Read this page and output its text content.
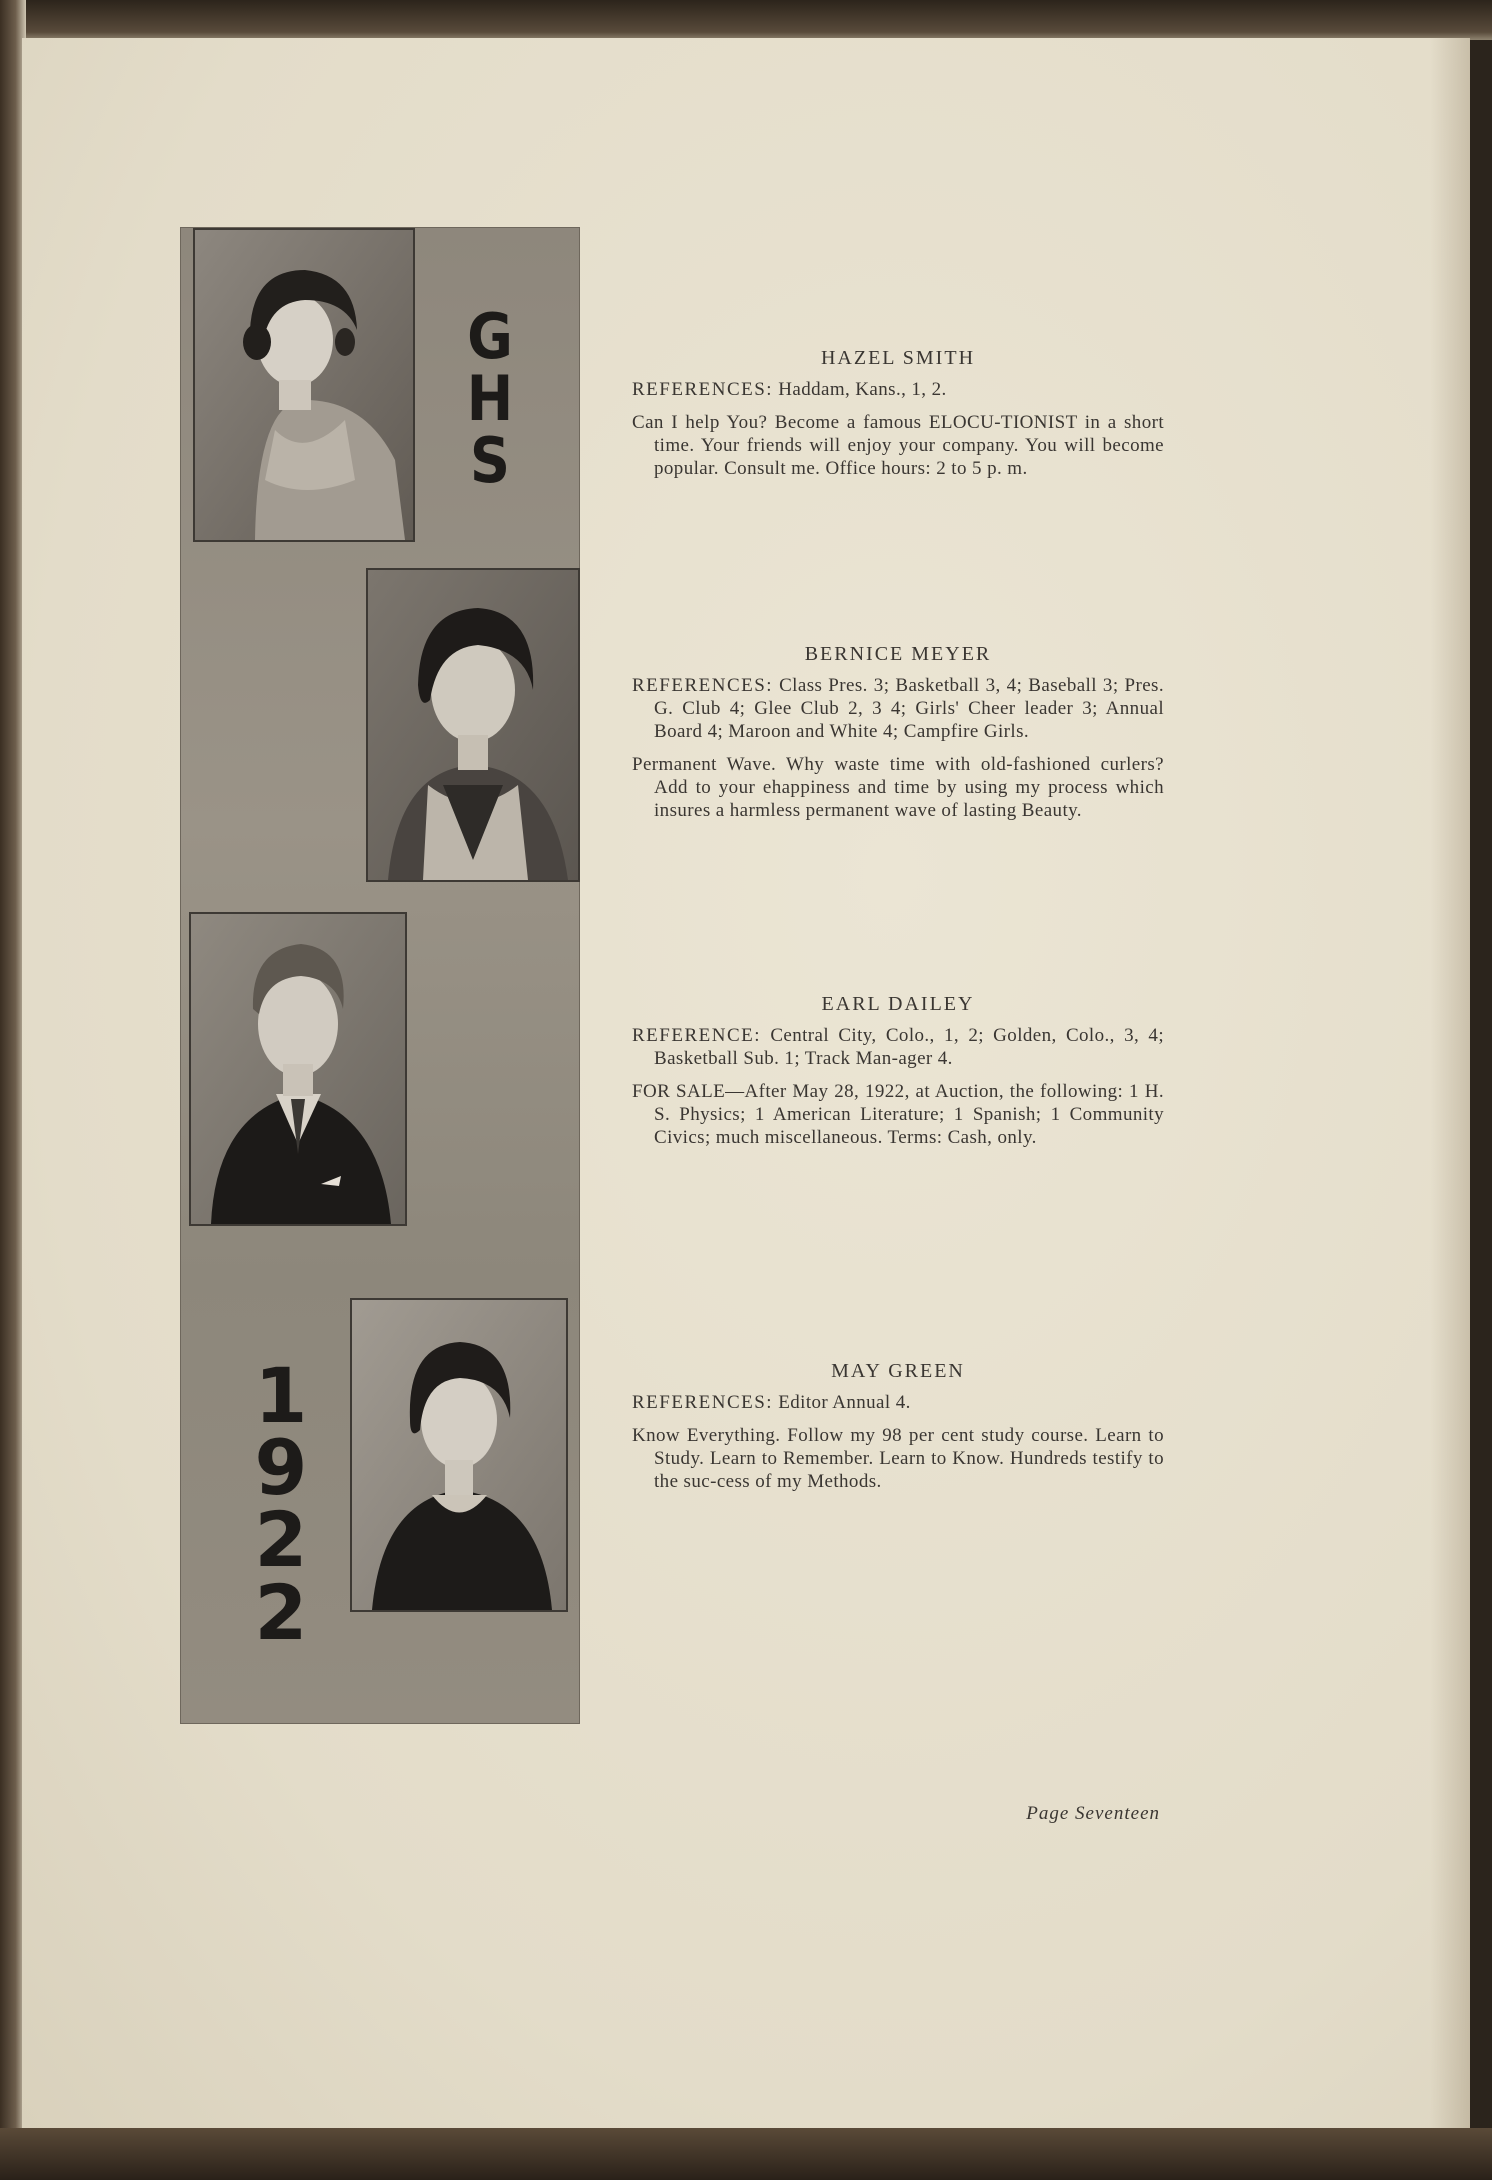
G
H
S
1
9
2
2
HAZEL SMITH

REFERENCES: Haddam, Kans., 1, 2.

Can I help You? Become a famous ELOCU-TIONIST in a short time. Your friends will enjoy your company. You will become popular. Consult me. Office hours: 2 to 5 p. m.

BERNICE MEYER

REFERENCES: Class Pres. 3; Basketball 3, 4; Baseball 3; Pres. G. Club 4; Glee Club 2, 3 4; Girls' Cheer leader 3; Annual Board 4; Maroon and White 4; Campfire Girls.

Permanent Wave. Why waste time with old-fashioned curlers? Add to your ehappiness and time by using my process which insures a harmless permanent wave of lasting Beauty.

EARL DAILEY

REFERENCE: Central City, Colo., 1, 2; Golden, Colo., 3, 4; Basketball Sub. 1; Track Man-ager 4.

FOR SALE—After May 28, 1922, at Auction, the following: 1 H. S. Physics; 1 American Literature; 1 Spanish; 1 Community Civics; much miscellaneous. Terms: Cash, only.

MAY GREEN

REFERENCES: Editor Annual 4.

Know Everything. Follow my 98 per cent study course. Learn to Study. Learn to Remember. Learn to Know. Hundreds testify to the suc-cess of my Methods.

Page Seventeen
